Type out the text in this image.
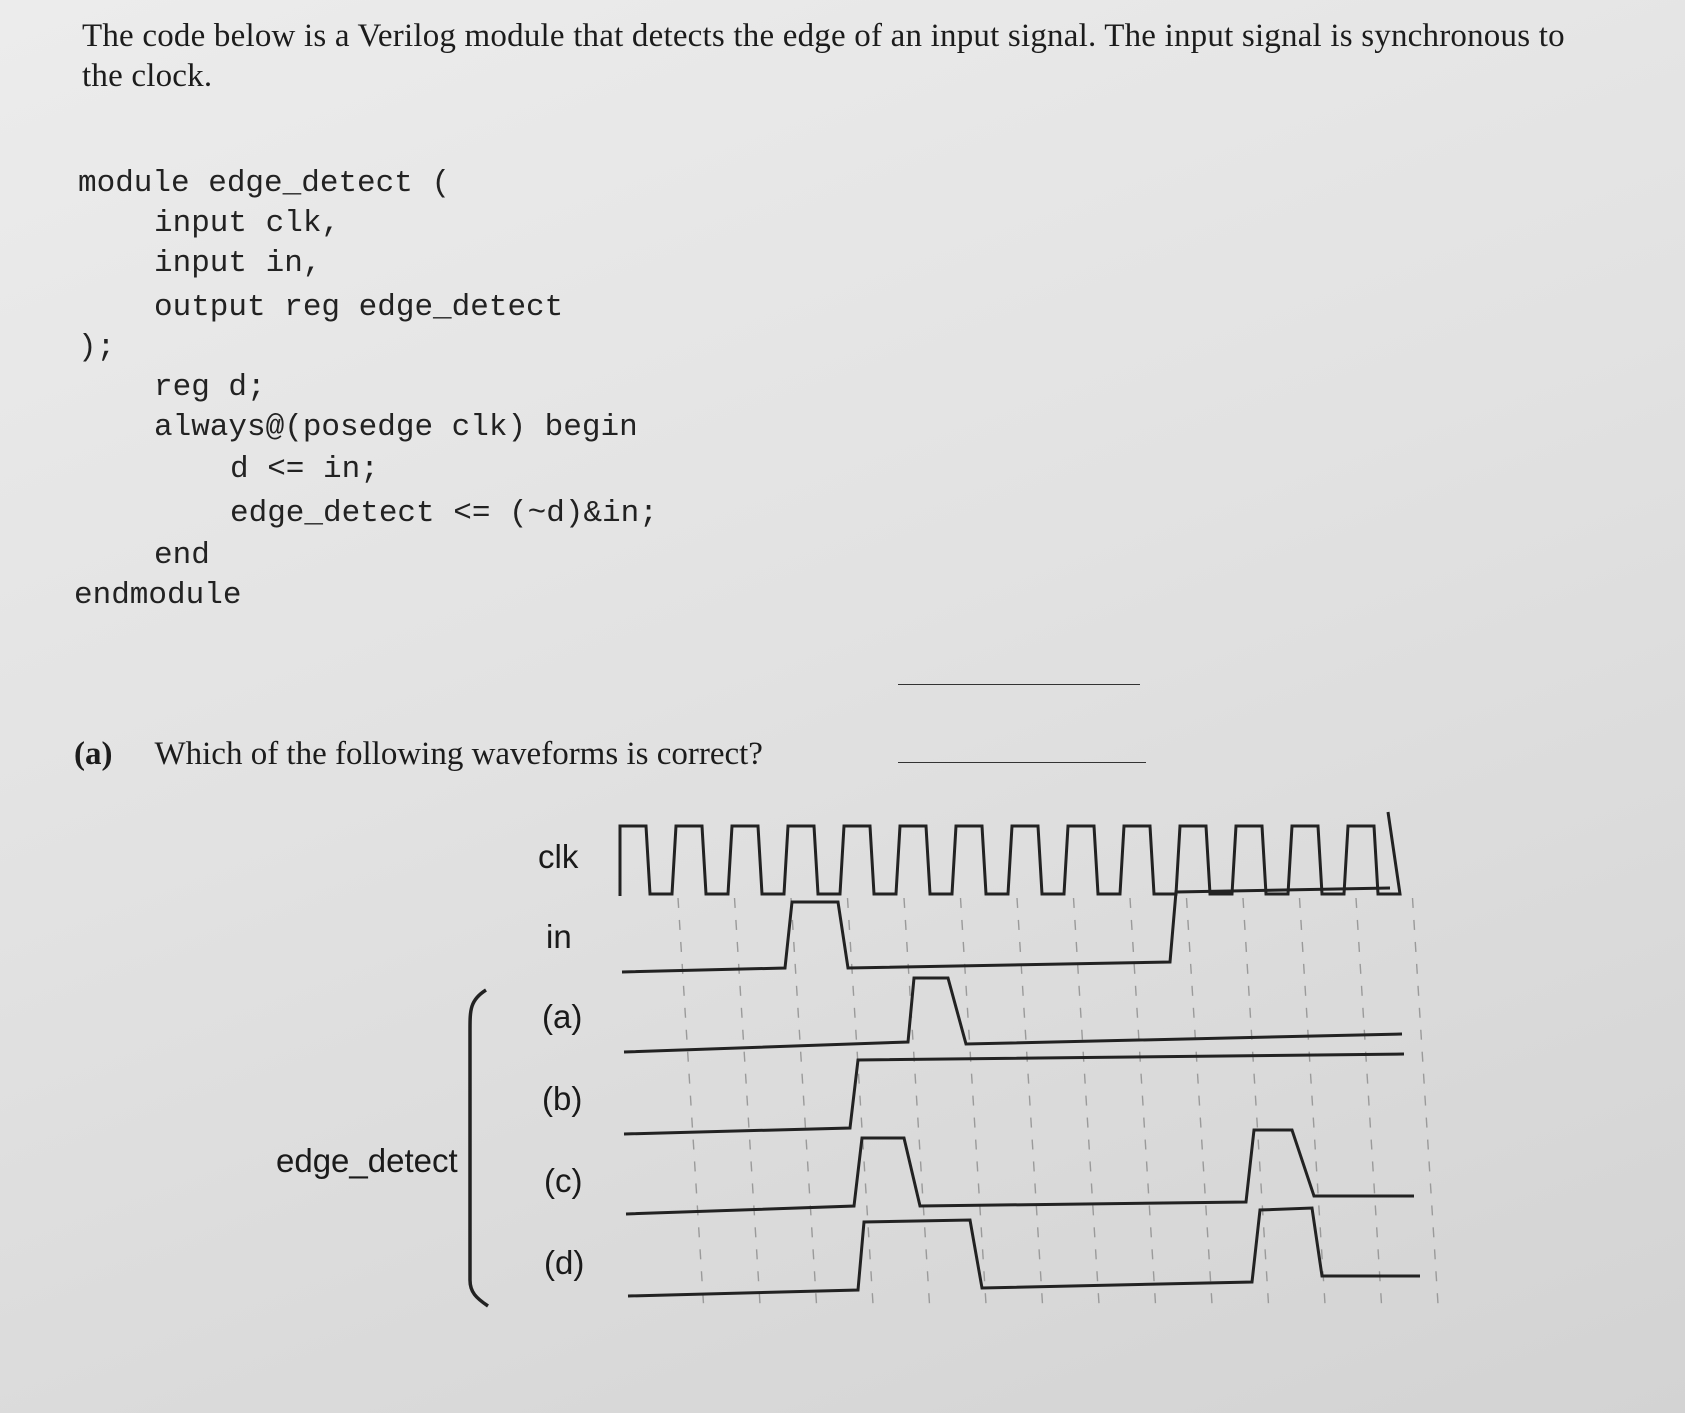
The code below is a Verilog module that detects the edge of an input signal. The input signal is synchronous to the clock.
module edge_detect (
input clk,
input in,
output reg edge_detect
);
reg d;
always@(posedge clk) begin
d <= in;
edge_detect <= (~d)&in;
end
endmodule
(a) Which of the following waveforms is correct?
clk
in
(a)
(b)
(c)
(d)
edge_detect
